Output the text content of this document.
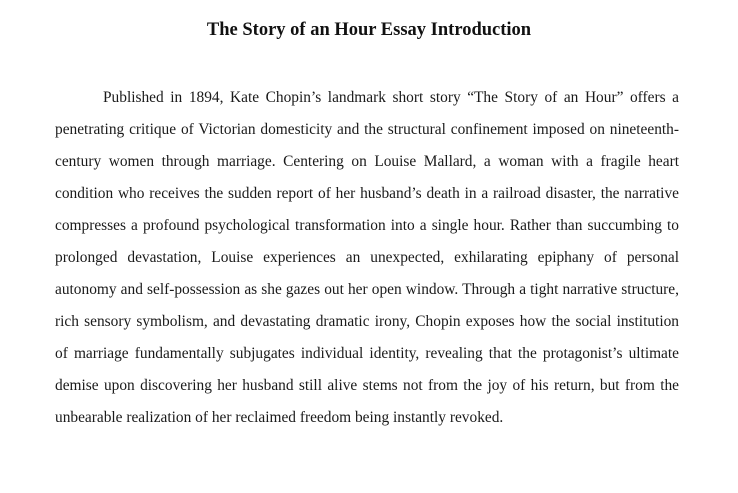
The Story of an Hour Essay Introduction

Published in 1894, Kate Chopin’s landmark short story “The Story of an Hour” offers a penetrating critique of Victorian domesticity and the structural confinement imposed on nineteenth-century women through marriage. Centering on Louise Mallard, a woman with a fragile heart condition who receives the sudden report of her husband’s death in a railroad disaster, the narrative compresses a profound psychological transformation into a single hour. Rather than succumbing to prolonged devastation, Louise experiences an unexpected, exhilarating epiphany of personal autonomy and self-possession as she gazes out her open window. Through a tight narrative structure, rich sensory symbolism, and devastating dramatic irony, Chopin exposes how the social institution of marriage fundamentally subjugates individual identity, revealing that the protagonist’s ultimate demise upon discovering her husband still alive stems not from the joy of his return, but from the unbearable realization of her reclaimed freedom being instantly revoked.
